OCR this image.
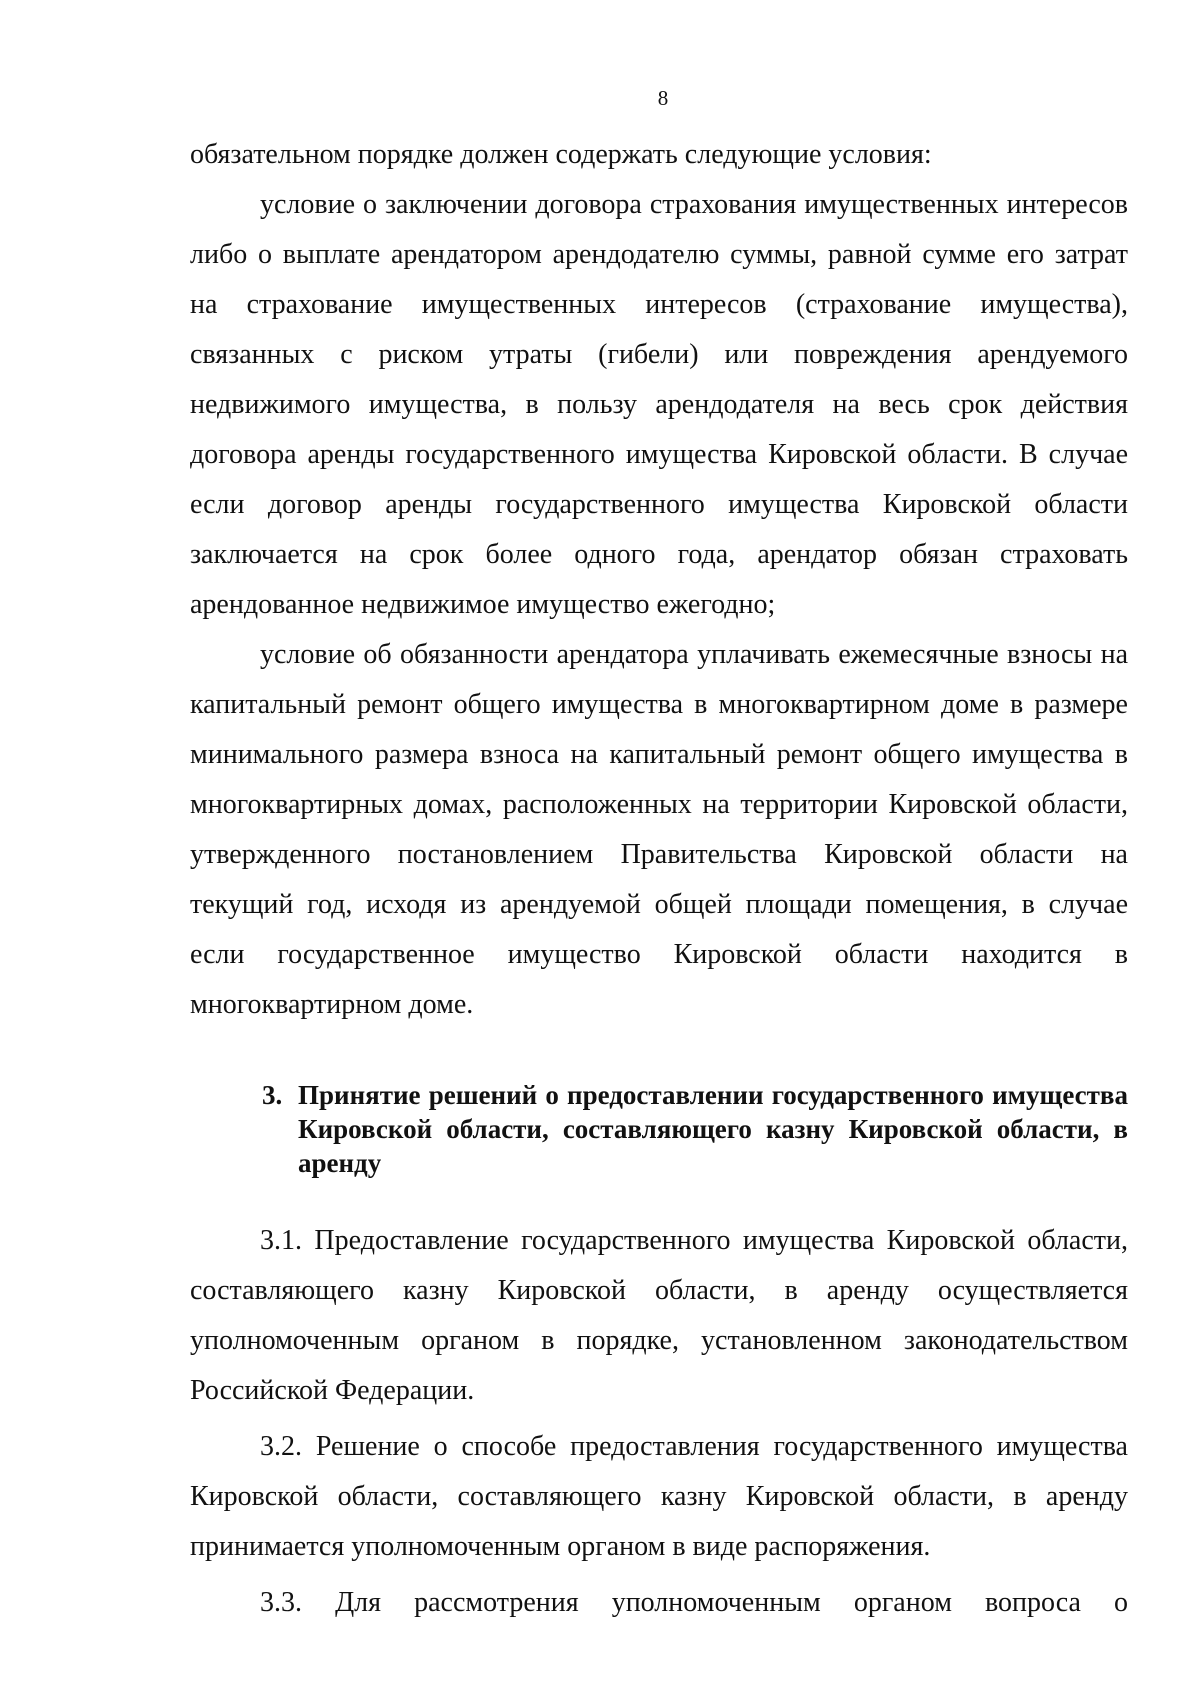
8

обязательном порядке должен содержать следующие условия:

условие о заключении договора страхования имущественных интересов либо о выплате арендатором арендодателю суммы, равной сумме его затрат на страхование имущественных интересов (страхование имущества), связанных с риском утраты (гибели) или повреждения арендуемого недвижимого имущества, в пользу арендодателя на весь срок действия договора аренды государственного имущества Кировской области. В случае если договор аренды государственного имущества Кировской области заключается на срок более одного года, арендатор обязан страховать арендованное недвижимое имущество ежегодно;

условие об обязанности арендатора уплачивать ежемесячные взносы на капитальный ремонт общего имущества в многоквартирном доме в размере минимального размера взноса на капитальный ремонт общего имущества в многоквартирных домах, расположенных на территории Кировской области, утвержденного постановлением Правительства Кировской области на текущий год, исходя из арендуемой общей площади помещения, в случае если государственное имущество Кировской области находится в многоквартирном доме.

3. Принятие решений о предоставлении государственного имущества Кировской области, составляющего казну Кировской области, в аренду

3.1. Предоставление государственного имущества Кировской области, составляющего казну Кировской области, в аренду осуществляется уполномоченным органом в порядке, установленном законодательством Российской Федерации.

3.2. Решение о способе предоставления государственного имущества Кировской области, составляющего казну Кировской области, в аренду принимается уполномоченным органом в виде распоряжения.

3.3. Для рассмотрения уполномоченным органом вопроса о
